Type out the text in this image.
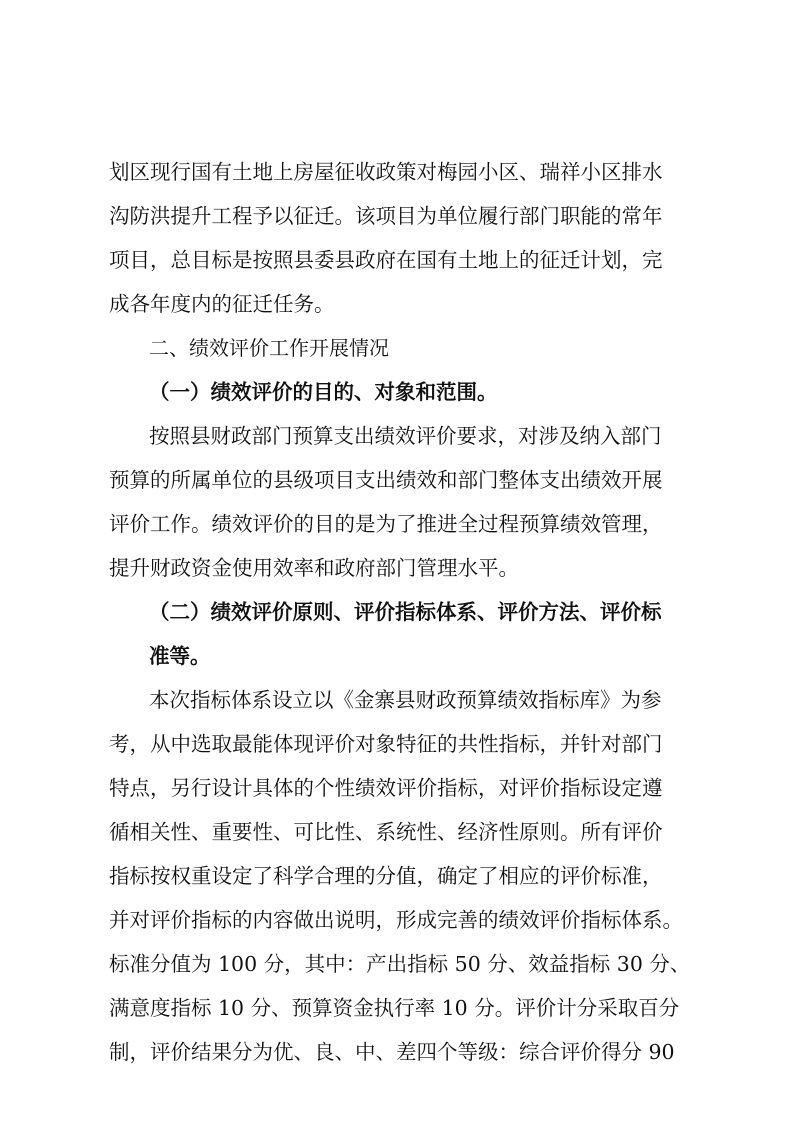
划区现行国有土地上房屋征收政策对梅园小区、瑞祥小区排水

沟防洪提升工程予以征迁。该项目为单位履行部门职能的常年

项目，总目标是按照县委县政府在国有土地上的征迁计划，完

成各年度内的征迁任务。

二、绩效评价工作开展情况

（一）绩效评价的目的、对象和范围。

按照县财政部门预算支出绩效评价要求，对涉及纳入部门

预算的所属单位的县级项目支出绩效和部门整体支出绩效开展

评价工作。绩效评价的目的是为了推进全过程预算绩效管理，

提升财政资金使用效率和政府部门管理水平。

（二）绩效评价原则、评价指标体系、评价方法、评价标

准等。

本次指标体系设立以《金寨县财政预算绩效指标库》为参

考，从中选取最能体现评价对象特征的共性指标，并针对部门

特点，另行设计具体的个性绩效评价指标，对评价指标设定遵

循相关性、重要性、可比性、系统性、经济性原则。所有评价

指标按权重设定了科学合理的分值，确定了相应的评价标准，

并对评价指标的内容做出说明，形成完善的绩效评价指标体系。

标准分值为 100 分，其中：产出指标 50 分、效益指标 30 分、

满意度指标 10 分、预算资金执行率 10 分。评价计分采取百分

制，评价结果分为优、良、中、差四个等级：综合评价得分 90
